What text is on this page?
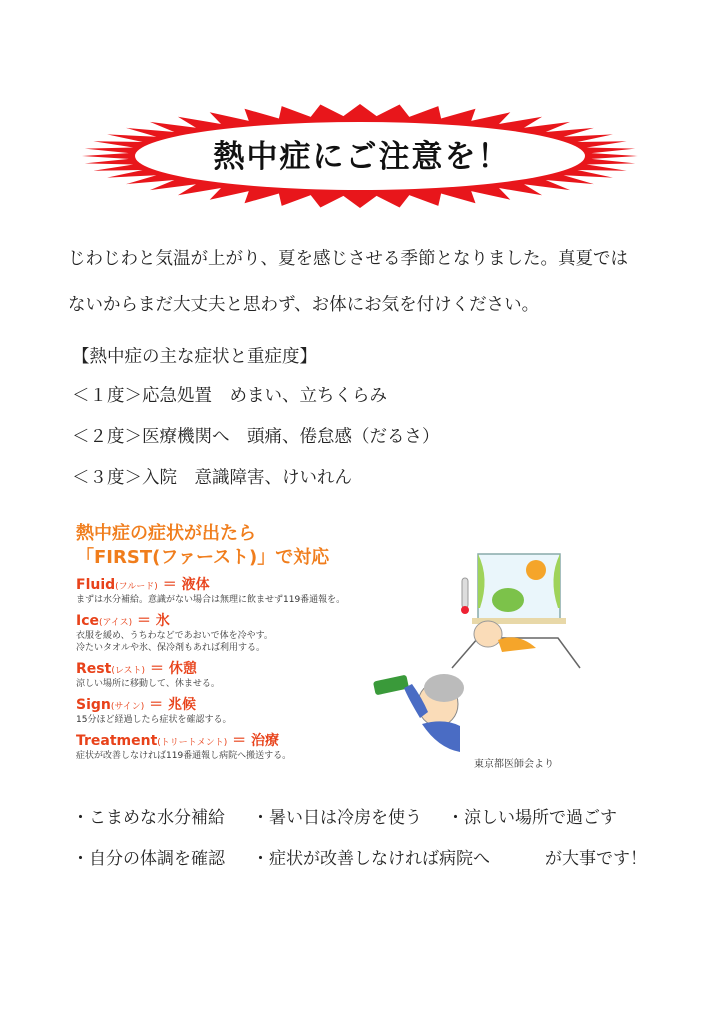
熱中症にご注意を！
じわじわと気温が上がり、夏を感じさせる季節となりました。真夏では
ないからまだ大丈夫と思わず、お体にお気を付けください。
【熱中症の主な症状と重症度】
＜１度＞応急処置　めまい、立ちくらみ
＜２度＞医療機関へ　頭痛、倦怠感（だるさ）
＜３度＞入院　意識障害、けいれん
熱中症の症状が出たら
「FIRST(ファースト)」で対応
Fluid(フルード) ＝ 液体
まずは水分補給。意識がない場合は無理に飲ませず119番通報を。
Ice(アイス) ＝ 氷
衣服を緩め、うちわなどであおいで体を冷やす。
冷たいタオルや氷、保冷剤もあれば利用する。
Rest(レスト) ＝ 休憩
涼しい場所に移動して、休ませる。
Sign(サイン) ＝ 兆候
15分ほど経過したら症状を確認する。
Treatment(トリートメント) ＝ 治療
症状が改善しなければ119番通報し病院へ搬送する。
東京都医師会より
・こまめな水分補給 ・暑い日は冷房を使う ・涼しい場所で過ごす
・自分の体調を確認 ・症状が改善しなければ病院へ	が大事です！
